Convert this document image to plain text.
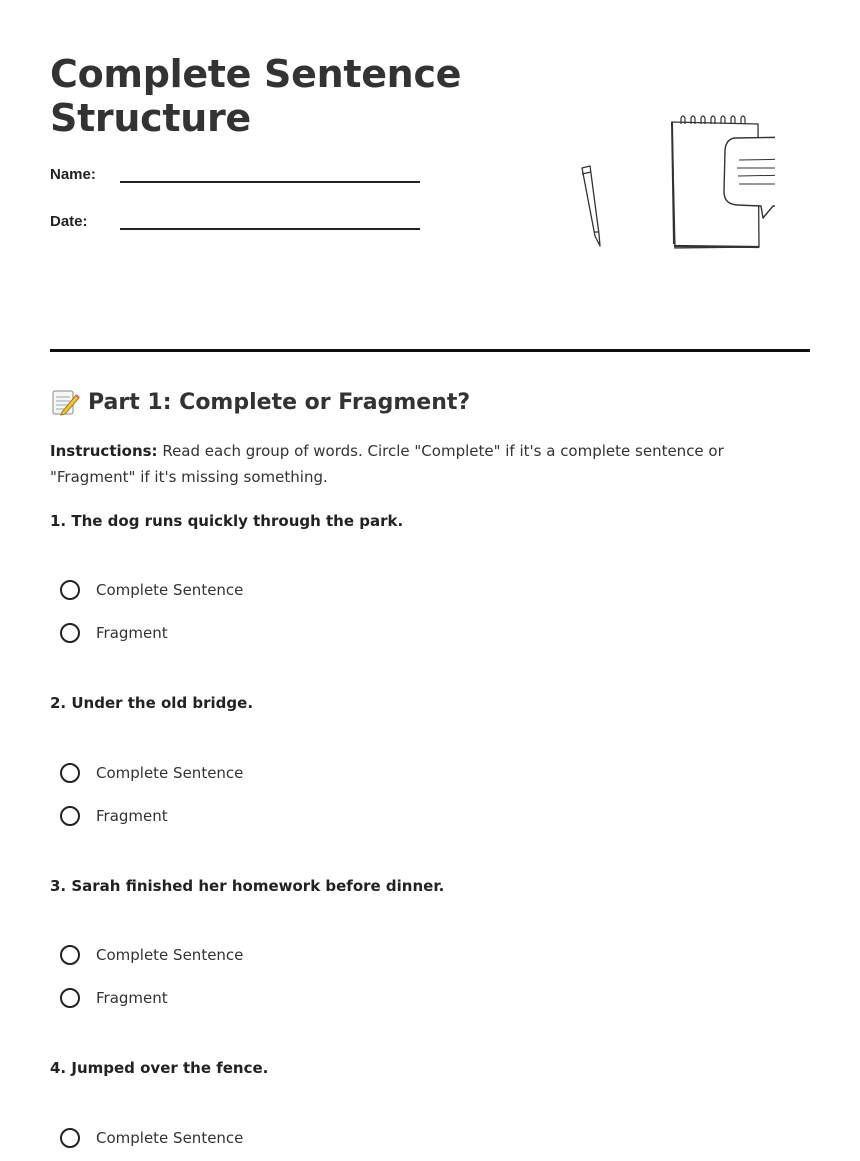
Complete Sentence
Structure
Name:
Date:
Part 1: Complete or Fragment?

Instructions: Read each group of words. Circle "Complete" if it's a complete sentence or "Fragment" if it's missing something.

1. The dog runs quickly through the park.

Complete Sentence
Fragment

2. Under the old bridge.

Complete Sentence
Fragment

3. Sarah finished her homework before dinner.

Complete Sentence
Fragment

4. Jumped over the fence.

Complete Sentence
